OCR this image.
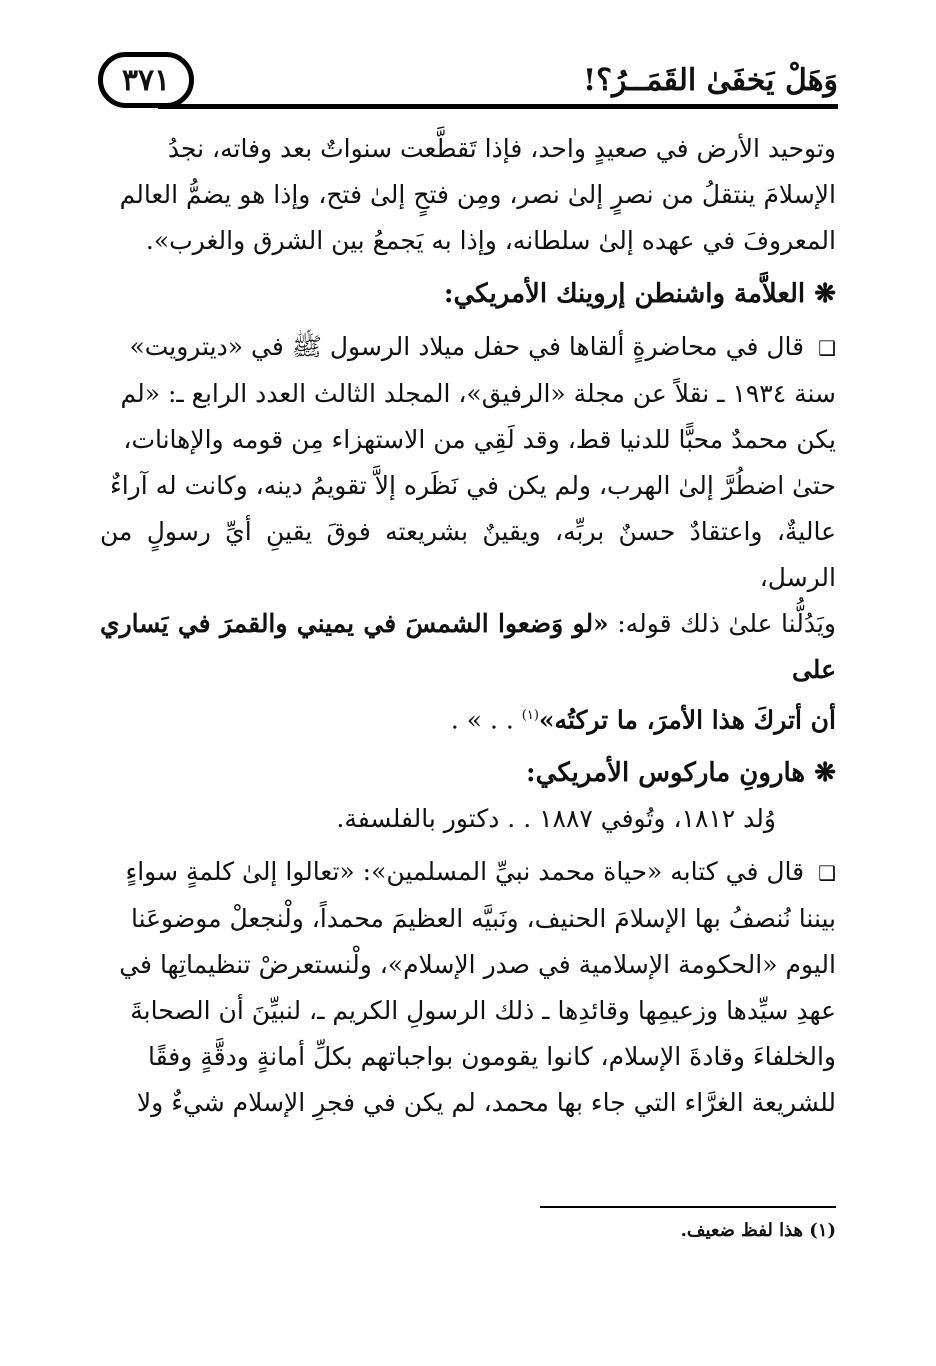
٣٧١	وَهَلْ يَخفَىٰ القَمَــرُ؟!

وتوحيد الأرض في صعيدٍ واحد، فإذا تَقطَّعت سنواتٌ بعد وفاته، نجدُ

الإسلامَ ينتقلُ من نصرٍ إلىٰ نصر، ومِن فتحٍ إلىٰ فتح، وإذا هو يضمُّ العالم

المعروفَ في عهده إلىٰ سلطانه، وإذا به يَجمعُ بين الشرق والغرب».

❋ العلاَّمة واشنطن إروينك الأمريكي:

❑ قال في محاضرةٍ ألقاها في حفل ميلاد الرسول ﷺ في «ديترويت»

سنة ١٩٣٤ ـ نقلاً عن مجلة «الرفيق»، المجلد الثالث العدد الرابع ـ: «لم

يكن محمدٌ محبًّا للدنيا قط، وقد لَقِي من الاستهزاء مِن قومه والإهانات،

حتىٰ اضطُرَّ إلىٰ الهرب، ولم يكن في نَظَره إلاَّ تقويمُ دينه، وكانت له آراءٌ

عاليةٌ، واعتقادٌ حسنٌ بربِّه، ويقينٌ بشريعته فوقَ يقينِ أيِّ رسولٍ من الرسل،

ويَدُلُّنا علىٰ ذلك قوله: «لو وَضعوا الشمسَ في يميني والقمرَ في يَساري على

أن أتركَ هذا الأمرَ، ما تركتُه»$^{(١)}$ . . » .

❋ هارونِ ماركوس الأمريكي:

وُلد ١٨١٢، وتُوفي ١٨٨٧ . . دكتور بالفلسفة.

❑ قال في كتابه «حياة محمد نبيِّ المسلمين»: «تعالوا إلىٰ كلمةٍ سواءٍ

بيننا نُنصفُ بها الإسلامَ الحنيف، ونَبيَّه العظيمَ محمداً، ولْنجعلْ موضوعَنا

اليوم «الحكومة الإسلامية في صدر الإسلام»، ولْنستعرضْ تنظيماتِها في

عهدِ سيِّدها وزعيمِها وقائدِها ـ ذلك الرسولِ الكريم ـ، لنبيِّنَ أن الصحابةَ

والخلفاءَ وقادةَ الإسلام، كانوا يقومون بواجباتهم بكلِّ أمانةٍ ودقَّةٍ وفقًا

للشريعة الغرَّاء التي جاء بها محمد، لم يكن في فجرِ الإسلام شيءٌ ولا

(١) هذا لفظ ضعيف.
